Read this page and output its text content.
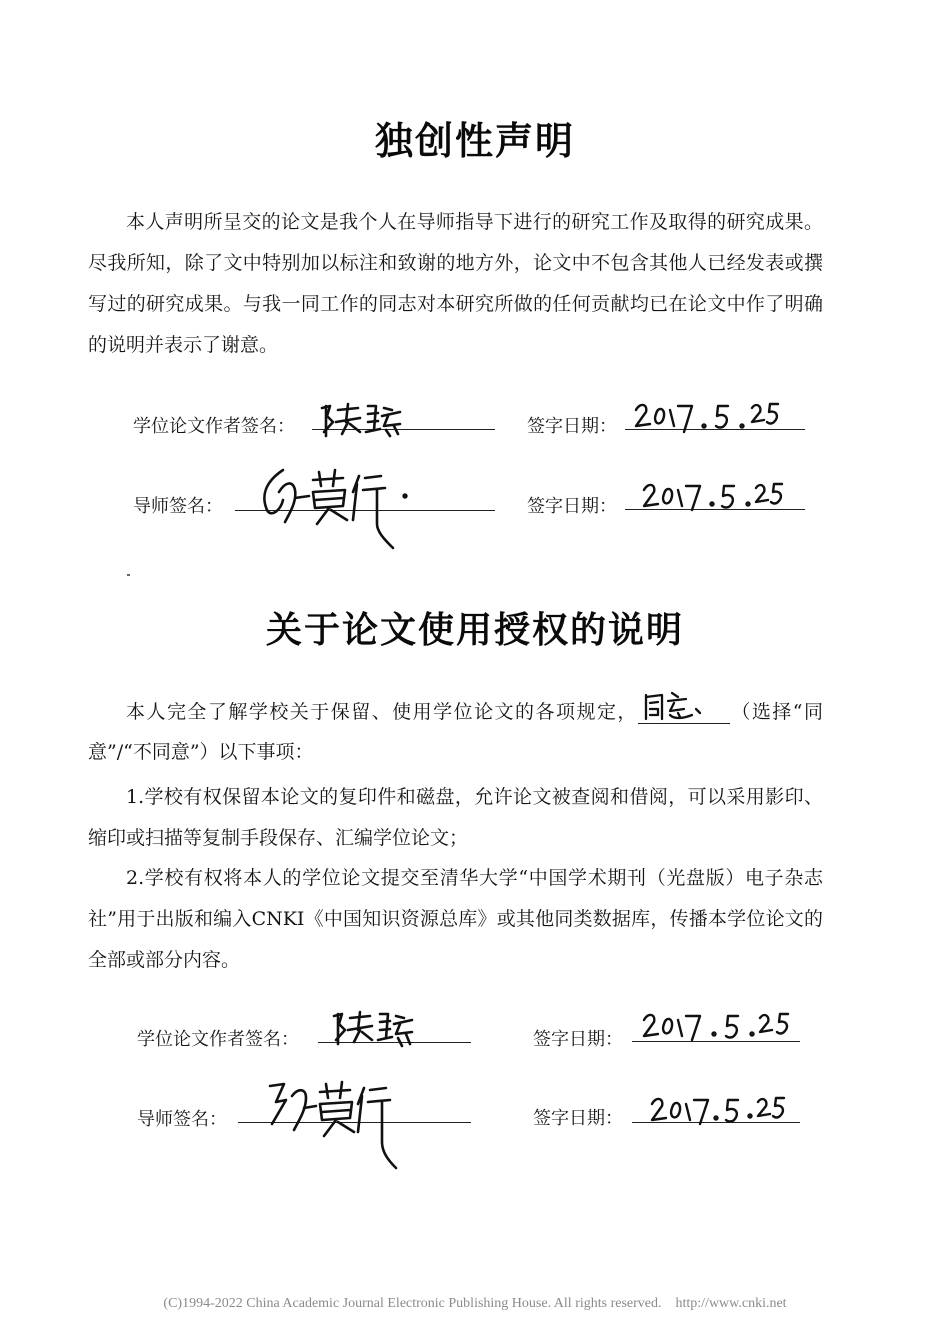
独创性声明

本人声明所呈交的论文是我个人在导师指导下进行的研究工作及取得的研究成果。尽我所知，除了文中特别加以标注和致谢的地方外，论文中不包含其他人已经发表或撰写过的研究成果。与我一同工作的同志对本研究所做的任何贡献均已在论文中作了明确的说明并表示了谢意。

学位论文作者签名：	签字日期：
导师签名：	签字日期：
关于论文使用授权的说明

本人完全了解学校关于保留、使用学位论文的各项规定，	（选择“同意”/“不同意”）以下事项：

1.学校有权保留本论文的复印件和磁盘，允许论文被查阅和借阅，可以采用影印、缩印或扫描等复制手段保存、汇编学位论文；

2.学校有权将本人的学位论文提交至清华大学“中国学术期刊（光盘版）电子杂志社”用于出版和编入CNKI《中国知识资源总库》或其他同类数据库，传播本学位论文的全部或部分内容。

学位论文作者签名：	签字日期：
导师签名：	签字日期：
(C)1994-2022 China Academic Journal Electronic Publishing House. All rights reserved.    http://www.cnki.net
